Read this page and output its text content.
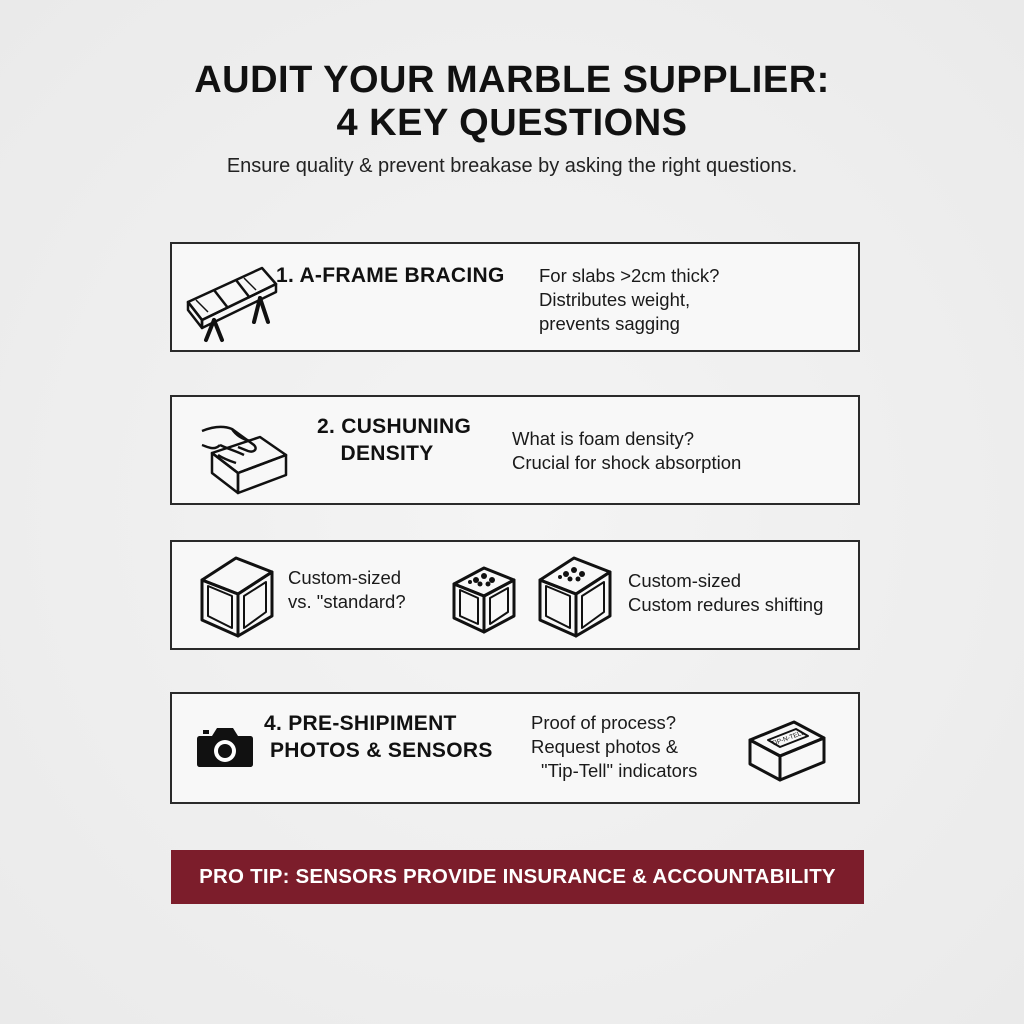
AUDIT YOUR MARBLE SUPPLIER:
4 KEY QUESTIONS
Ensure quality & prevent breakase by asking the right questions.
1. A-FRAME BRACING For slabs >2cm thick?
Distributes weight,
prevents sagging
2. CUSHUNING
DENSITY
What is foam density?
Crucial for shock absorption
Custom-sized
vs. "standard?
Custom-sized
Custom redures shifting
4. PRE-SHIPIMENT
PHOTOS & SENSORS
Proof of process?
Request photos &
"Tip-Tell" indicators
TIP-N-TELL
PRO TIP: SENSORS PROVIDE INSURANCE & ACCOUNTABILITY
